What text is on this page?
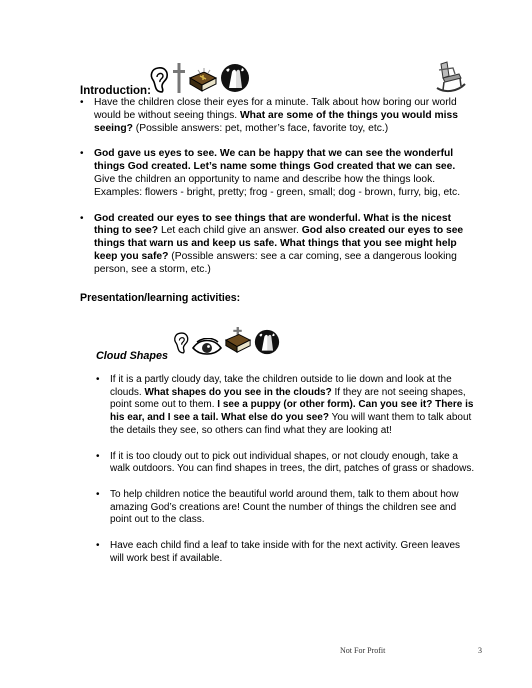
Introduction:
• Have the children close their eyes for a minute. Talk about how boring our world would be without seeing things. What are some of the things you would miss seeing? (Possible answers: pet, mother’s face, favorite toy, etc.)
• God gave us eyes to see. We can be happy that we can see the wonderful things God created. Let’s name some things God created that we can see. Give the children an opportunity to name and describe how the things look. Examples: flowers - bright, pretty; frog - green, small; dog - brown, furry, big, etc.
• God created our eyes to see things that are wonderful. What is the nicest thing to see? Let each child give an answer. God also created our eyes to see things that warn us and keep us safe. What things that you see might help keep you safe? (Possible answers: see a car coming, see a dangerous looking person, see a storm, etc.)
Presentation/learning activities:
Cloud Shapes
• If it is a partly cloudy day, take the children outside to lie down and look at the clouds. What shapes do you see in the clouds? If they are not seeing shapes, point some out to them. I see a puppy (or other form). Can you see it? There is his ear, and I see a tail. What else do you see? You will want them to talk about the details they see, so others can find what they are looking at!
• If it is too cloudy out to pick out individual shapes, or not cloudy enough, take a walk outdoors. You can find shapes in trees, the dirt, patches of grass or shadows.
• To help children notice the beautiful world around them, talk to them about how amazing God’s creations are! Count the number of things the children see and point out to the class.
• Have each child find a leaf to take inside with for the next activity. Green leaves will work best if available.
Not For Profit	3
